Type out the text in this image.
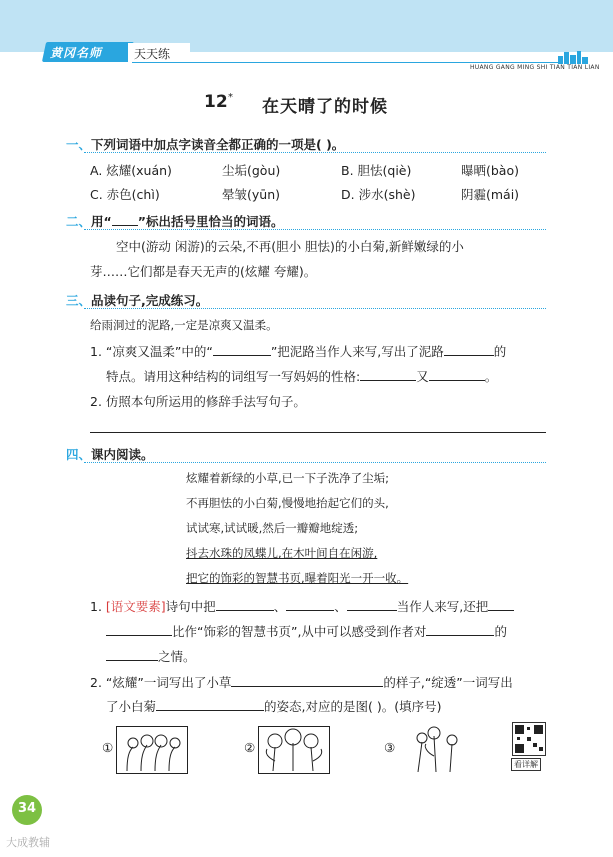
黄冈名师	天天练
HUANG GANG MING SHI TIAN TIAN LIAN
12 * 在天晴了的时候
一、下列词语中加点字读音全都正确的一项是( )。
A. 炫耀(xuán)	尘垢(gòu)	B. 胆怯(qiè)	曝晒(bào)
C. 赤色(chì)	晕皱(yūn)	D. 涉水(shè)	阴霾(mái)
二、用“ ”标出括号里恰当的词语。
空中(游动 闲游)的云朵,不再(胆小 胆怯)的小白菊,新鲜嫩绿的小
芽……它们都是春天无声的(炫耀 夸耀)。
三、品读句子,完成练习。
给雨洞过的泥路,一定是凉爽又温柔。
1. “凉爽又温柔”中的“	”把泥路当作人来写,写出了泥路	的
特点。请用这种结构的词组写一写妈妈的性格:	又	。
2. 仿照本句所运用的修辞手法写句子。
四、课内阅读。
炫耀着新绿的小草,已一下子洗净了尘垢;
不再胆怯的小白菊,慢慢地抬起它们的头,
试试寒,试试暖,然后一瓣瓣地绽透;
抖去水珠的凤蝶儿,在木叶间自在闲游,
把它的饰彩的智慧书页,曝着阳光一开一收。
1. [语文要素]诗句中把	、	、	当作人来写,还把
比作“饰彩的智慧书页”,从中可以感受到作者对	的
之情。
2. “炫耀”一词写出了小草	的样子,“绽透”一词写出
了小白菊	的姿态,对应的是图( )。(填序号)
①	②	③
看详解
34
大成教辅
